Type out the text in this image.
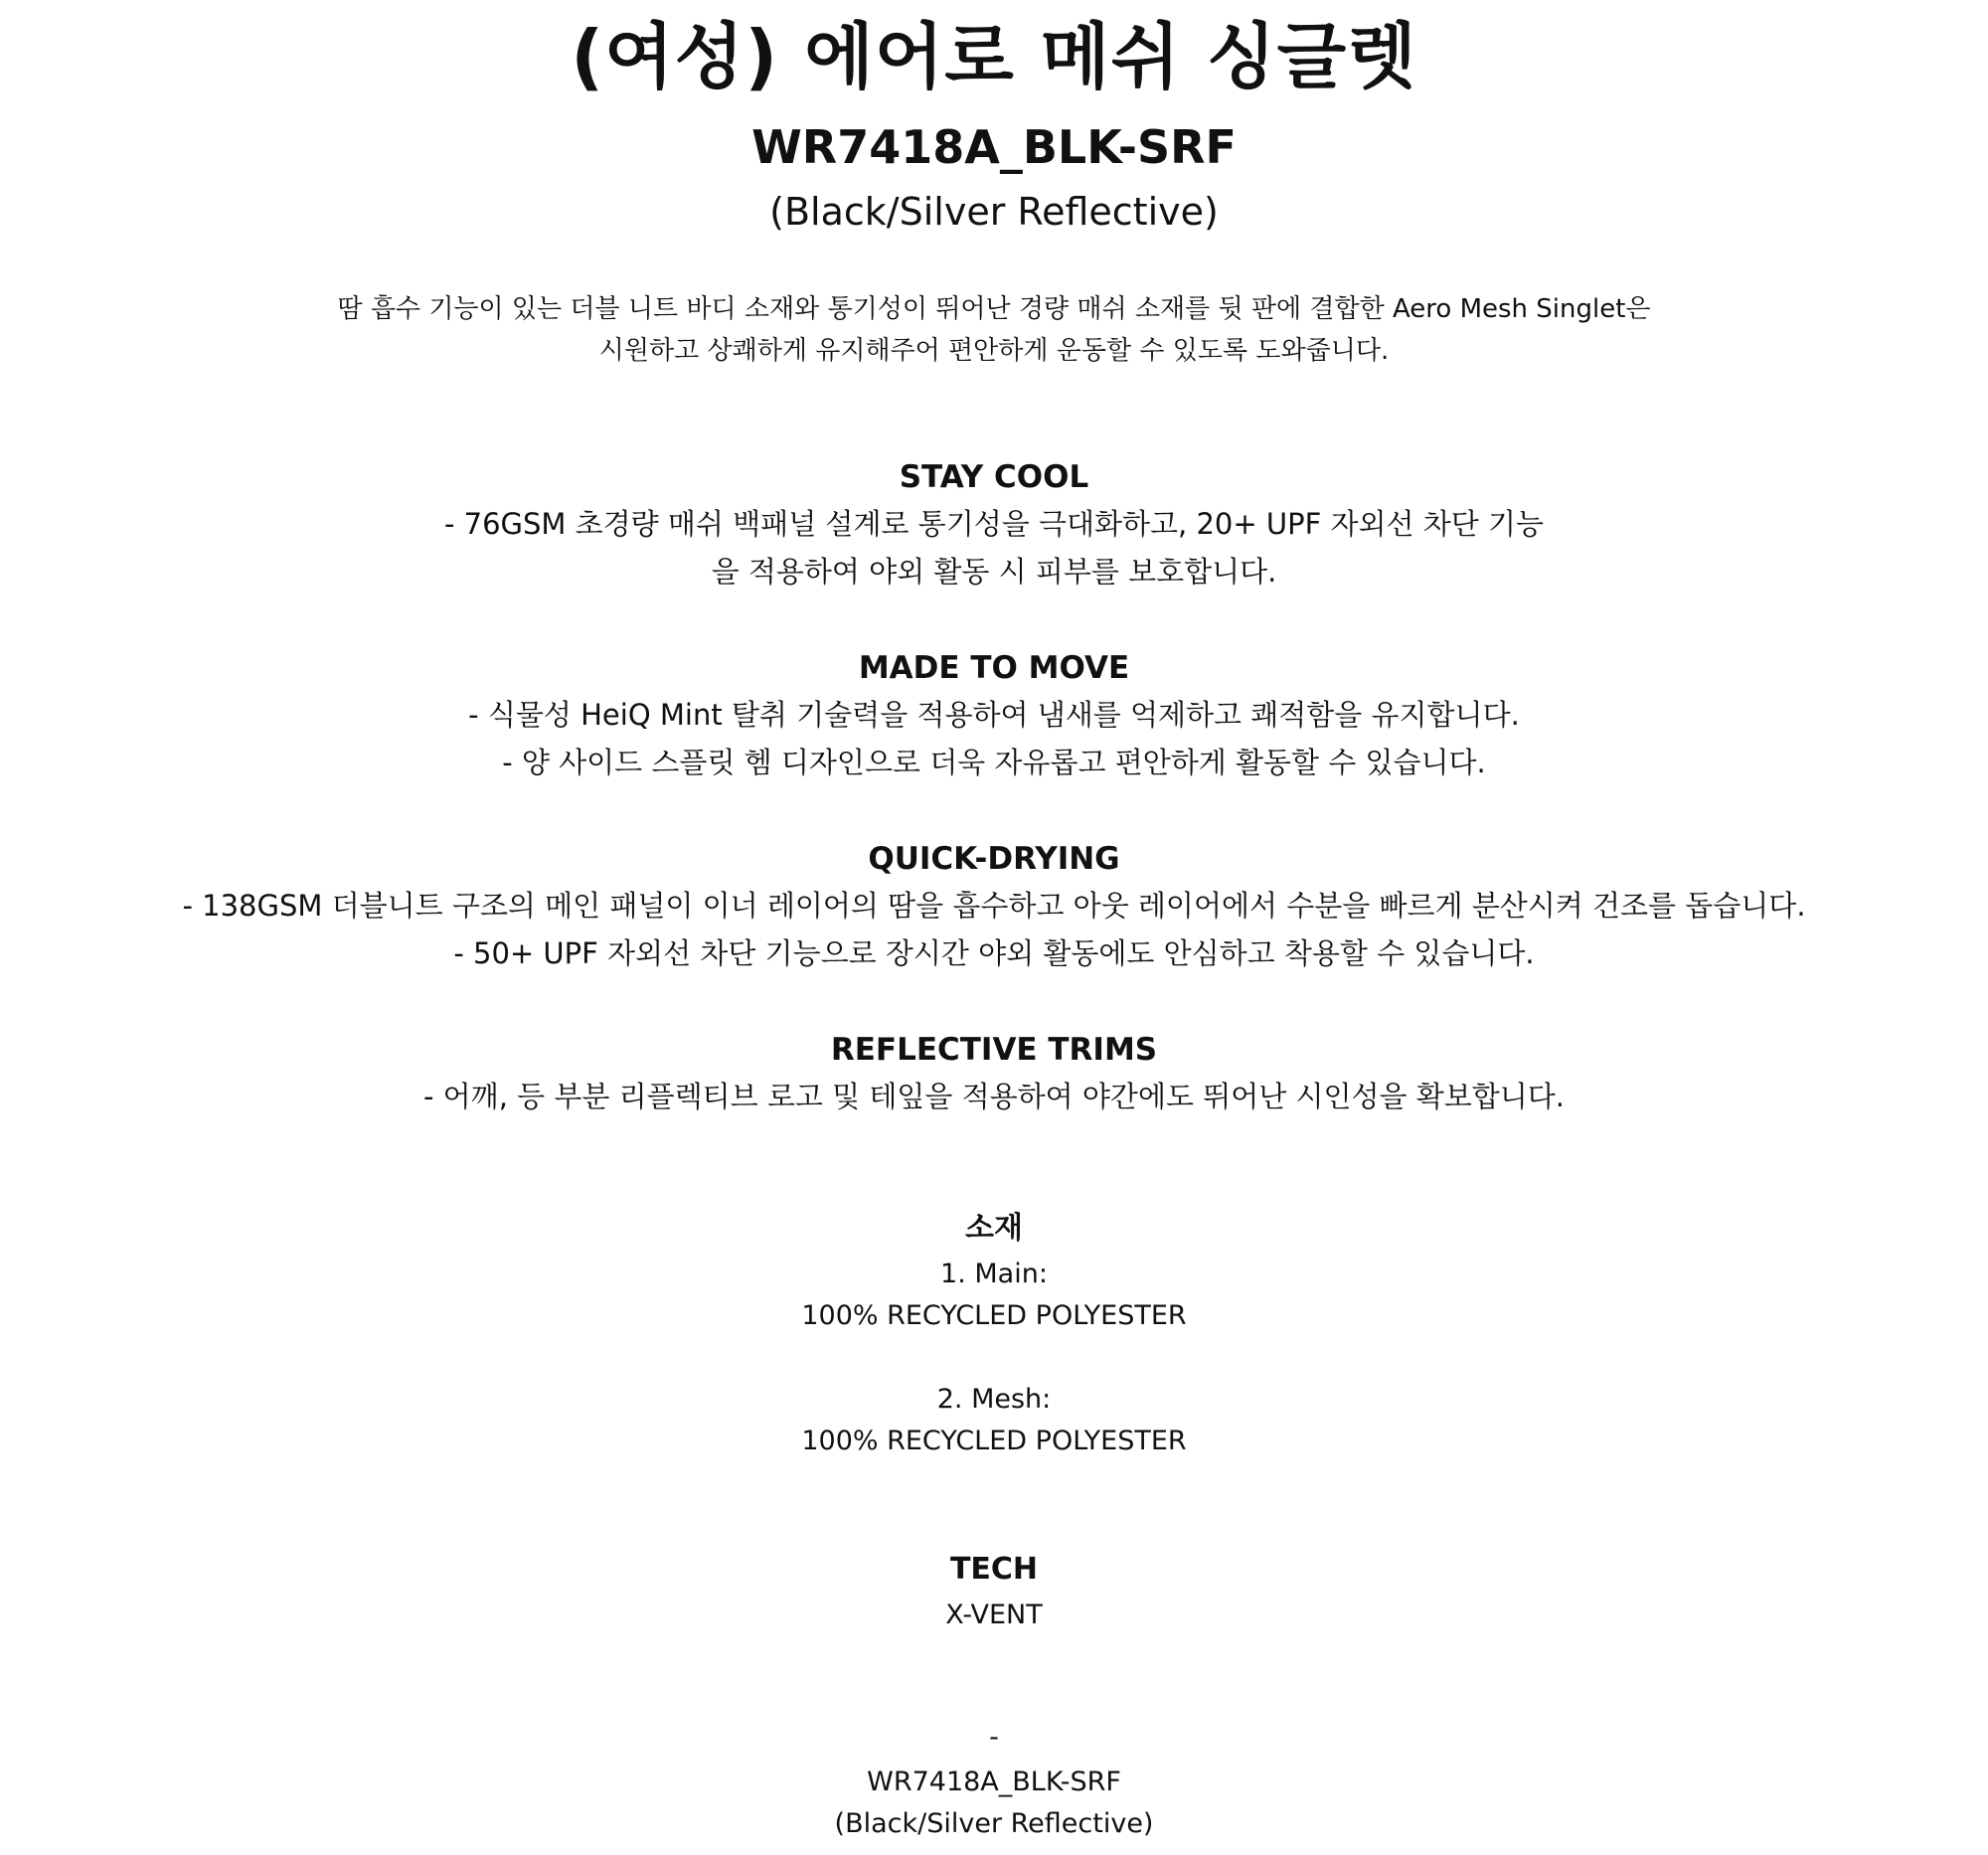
(여성) 에어로 메쉬 싱글렛
WR7418A_BLK-SRF
(Black/Silver Reflective)
땀 흡수 기능이 있는 더블 니트 바디 소재와 통기성이 뛰어난 경량 매쉬 소재를 뒷 판에 결합한 Aero Mesh Singlet은
시원하고 상쾌하게 유지해주어 편안하게 운동할 수 있도록 도와줍니다.
STAY COOL

- 76GSM 초경량 매쉬 백패널 설계로 통기성을 극대화하고, 20+ UPF 자외선 차단 기능

을 적용하여 야외 활동 시 피부를 보호합니다.

MADE TO MOVE

- 식물성 HeiQ Mint 탈취 기술력을 적용하여 냄새를 억제하고 쾌적함을 유지합니다.

- 양 사이드 스플릿 헴 디자인으로 더욱 자유롭고 편안하게 활동할 수 있습니다.

QUICK-DRYING

- 138GSM 더블니트 구조의 메인 패널이 이너 레이어의 땀을 흡수하고 아웃 레이어에서 수분을 빠르게 분산시켜 건조를 돕습니다.

- 50+ UPF 자외선 차단 기능으로 장시간 야외 활동에도 안심하고 착용할 수 있습니다.

REFLECTIVE TRIMS

- 어깨, 등 부분 리플렉티브 로고 및 테잎을 적용하여 야간에도 뛰어난 시인성을 확보합니다.

소재
1. Main:
100% RECYCLED POLYESTER
2. Mesh:
100% RECYCLED POLYESTER
TECH
X-VENT
-
WR7418A_BLK-SRF
(Black/Silver Reflective)
